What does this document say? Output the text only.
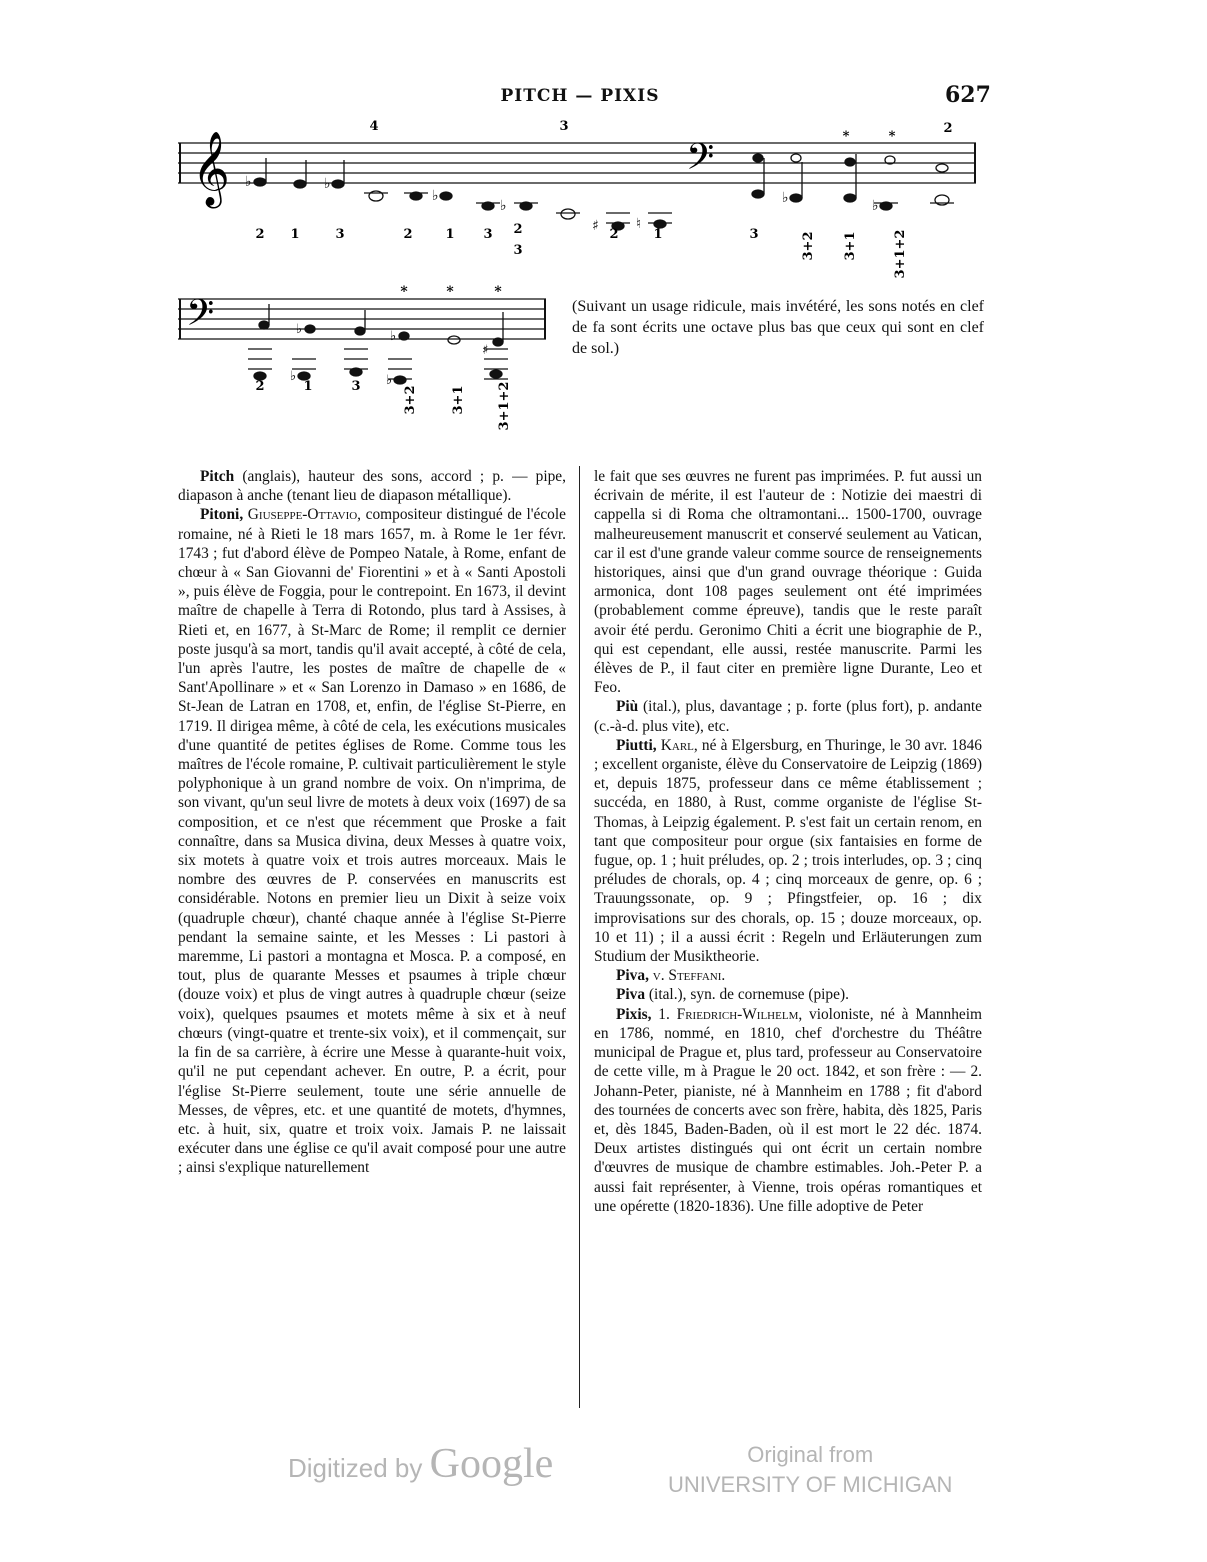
PITCH — PIXIS	627
𝄞	𝄢
♭	♭
♭
♭
♯	♮
♭	♭
4	3
*	*
2
2 1	3	2	1 3 2
3
2	1	3	3+2 3+1	3+1+2
𝄢	♭
♭
♭
♭
♯
*	*	*
2	1	3	3+2	3+1 3+1+2
(Suivant un usage ridicule, mais invétéré, les sons notés en clef de fa sont écrits une octave plus bas que ceux qui sont en clef de sol.)

Pitch (anglais), hauteur des sons, accord ; p. — pipe, diapason à anche (tenant lieu de diapason métallique).

Pitoni, Giuseppe-Ottavio, compositeur distingué de l'école romaine, né à Rieti le 18 mars 1657, m. à Rome le 1er févr. 1743 ; fut d'abord élève de Pompeo Natale, à Rome, enfant de chœur à « San Giovanni de' Fiorentini » et à « Santi Apostoli », puis élève de Foggia, pour le contrepoint. En 1673, il devint maître de chapelle à Terra di Rotondo, plus tard à Assises, à Rieti et, en 1677, à St-Marc de Rome; il remplit ce dernier poste jusqu'à sa mort, tandis qu'il avait accepté, à côté de cela, l'un après l'autre, les postes de maître de chapelle de « Sant'Apollinare » et « San Lorenzo in Damaso » en 1686, de St-Jean de Latran en 1708, et, enfin, de l'église St-Pierre, en 1719. Il dirigea même, à côté de cela, les exécutions musicales d'une quantité de petites églises de Rome. Comme tous les maîtres de l'école romaine, P. cultivait particulièrement le style polyphonique à un grand nombre de voix. On n'imprima, de son vivant, qu'un seul livre de motets à deux voix (1697) de sa composition, et ce n'est que récemment que Proske a fait connaître, dans sa Musica divina, deux Messes à quatre voix, six motets à quatre voix et trois autres morceaux. Mais le nombre des œuvres de P. conservées en manuscrits est considérable. Notons en premier lieu un Dixit à seize voix (quadruple chœur), chanté chaque année à l'église St-Pierre pendant la semaine sainte, et les Messes : Li pastori à maremme, Li pastori a montagna et Mosca. P. a composé, en tout, plus de quarante Messes et psaumes à triple chœur (douze voix) et plus de vingt autres à quadruple chœur (seize voix), quelques psaumes et motets même à six et à neuf chœurs (vingt-quatre et trente-six voix), et il commençait, sur la fin de sa carrière, à écrire une Messe à quarante-huit voix, qu'il ne put cependant achever. En outre, P. a écrit, pour l'église St-Pierre seulement, toute une série annuelle de Messes, de vêpres, etc. et une quantité de motets, d'hymnes, etc. à huit, six, quatre et troix voix. Jamais P. ne laissait exécuter dans une église ce qu'il avait composé pour une autre ; ainsi s'explique naturellement

le fait que ses œuvres ne furent pas imprimées. P. fut aussi un écrivain de mérite, il est l'auteur de : Notizie dei maestri di cappella si di Roma che oltramontani... 1500-1700, ouvrage malheureusement manuscrit et conservé seulement au Vatican, car il est d'une grande valeur comme source de renseignements historiques, ainsi que d'un grand ouvrage théorique : Guida armonica, dont 108 pages seulement ont été imprimées (probablement comme épreuve), tandis que le reste paraît avoir été perdu. Geronimo Chiti a écrit une biographie de P., qui est cependant, elle aussi, restée manuscrite. Parmi les élèves de P., il faut citer en première ligne Durante, Leo et Feo.

Più (ital.), plus, davantage ; p. forte (plus fort), p. andante (c.-à-d. plus vite), etc.

Piutti, Karl, né à Elgersburg, en Thuringe, le 30 avr. 1846 ; excellent organiste, élève du Conservatoire de Leipzig (1869) et, depuis 1875, professeur dans ce même établissement ; succéda, en 1880, à Rust, comme organiste de l'église St-Thomas, à Leipzig également. P. s'est fait un certain renom, en tant que compositeur pour orgue (six fantaisies en forme de fugue, op. 1 ; huit préludes, op. 2 ; trois interludes, op. 3 ; cinq préludes de chorals, op. 4 ; cinq morceaux de genre, op. 6 ; Trauungssonate, op. 9 ; Pfingstfeier, op. 16 ; dix improvisations sur des chorals, op. 15 ; douze morceaux, op. 10 et 11) ; il a aussi écrit : Regeln und Erläuterungen zum Studium der Musiktheorie.

Piva, v. Steffani.

Piva (ital.), syn. de cornemuse (pipe).

Pixis, 1. Friedrich-Wilhelm, violoniste, né à Mannheim en 1786, nommé, en 1810, chef d'orchestre du Théâtre municipal de Prague et, plus tard, professeur au Conservatoire de cette ville, m à Prague le 20 oct. 1842, et son frère : — 2. Johann-Peter, pianiste, né à Mannheim en 1788 ; fit d'abord des tournées de concerts avec son frère, habita, dès 1825, Paris et, dès 1845, Baden-Baden, où il est mort le 22 déc. 1874. Deux artistes distingués qui ont écrit un certain nombre d'œuvres de musique de chambre estimables. Joh.-Peter P. a aussi fait représenter, à Vienne, trois opéras romantiques et une opérette (1820-1836). Une fille adoptive de Peter

Digitized by Google	Original from
UNIVERSITY OF MICHIGAN
